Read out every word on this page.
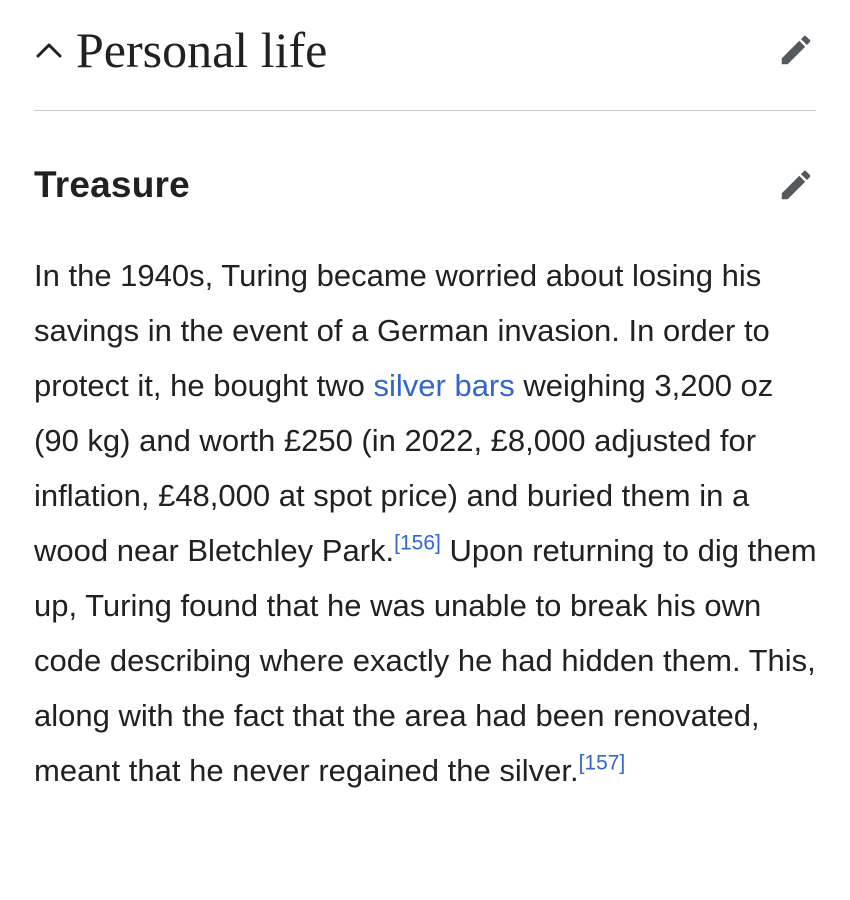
Personal life
Treasure

In the 1940s, Turing became worried about losing his savings in the event of a German invasion. In order to protect it, he bought two silver bars weighing 3,200 oz (90 kg) and worth £250 (in 2022, £8,000 adjusted for inflation, £48,000 at spot price) and buried them in a wood near Bletchley Park.[156] Upon returning to dig them up, Turing found that he was unable to break his own code describing where exactly he had hidden them. This, along with the fact that the area had been renovated, meant that he never regained the silver.[157]
